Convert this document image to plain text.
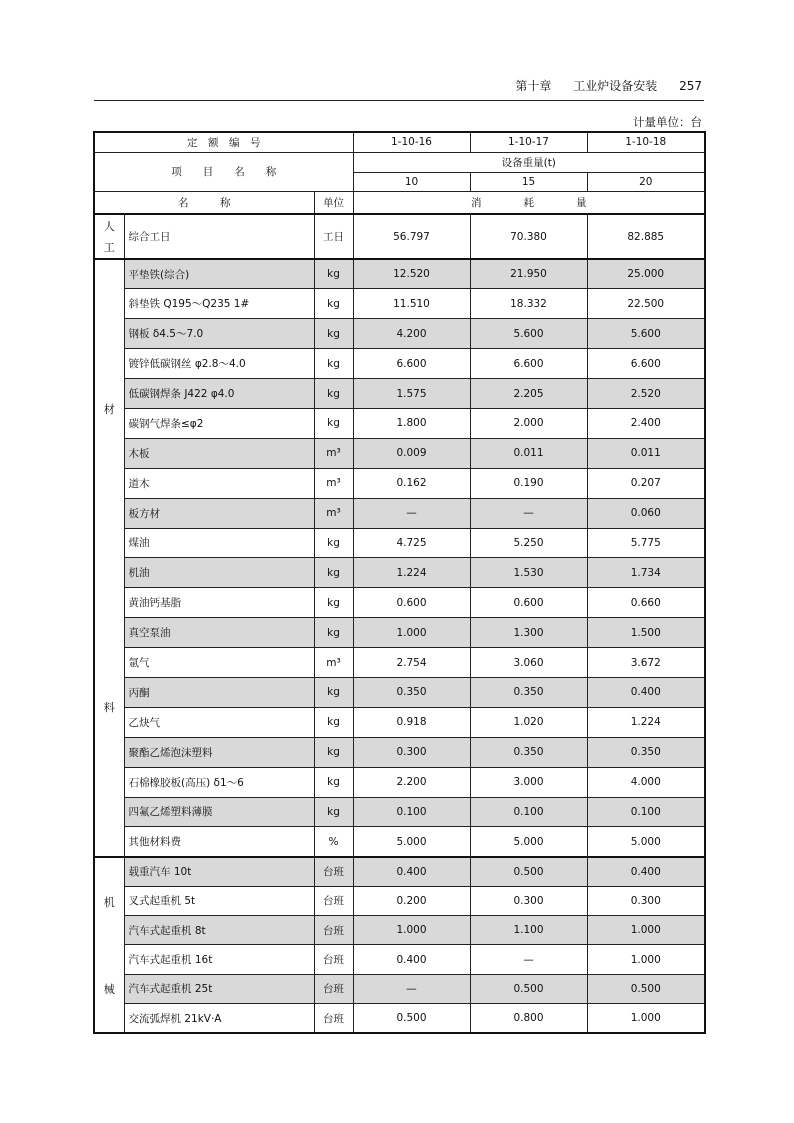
第十章 工业炉设备安装 257
计量单位：台
定　额　编　号			1-10-16	1-10-17	1-10-18
项　　目　　名　　称			设备重量(t)		
			10	15	20
名　　　称		单位	消　　　　耗　　　　量		

人
工	综合工日	工日	56.797	70.380	82.885

材
料	平垫铁(综合)	kg	12.520	21.950	25.000
	斜垫铁 Q195～Q235 1#	kg	11.510	18.332	22.500
	钢板 δ4.5～7.0	kg	4.200	5.600	5.600
	镀锌低碳钢丝 φ2.8～4.0	kg	6.600	6.600	6.600
	低碳钢焊条 J422 φ4.0	kg	1.575	2.205	2.520
	碳钢气焊条≤φ2	kg	1.800	2.000	2.400
	木板	m³	0.009	0.011	0.011
	道木	m³	0.162	0.190	0.207
	板方材	m³	—	—	0.060
	煤油	kg	4.725	5.250	5.775
	机油	kg	1.224	1.530	1.734
	黄油钙基脂	kg	0.600	0.600	0.660
	真空泵油	kg	1.000	1.300	1.500
	氩气	m³	2.754	3.060	3.672
	丙酮	kg	0.350	0.350	0.400
	乙炔气	kg	0.918	1.020	1.224
	聚酯乙烯泡沫塑料	kg	0.300	0.350	0.350
	石棉橡胶板(高压) δ1～6	kg	2.200	3.000	4.000
	四氟乙烯塑料薄膜	kg	0.100	0.100	0.100
	其他材料费	%	5.000	5.000	5.000

机
械	载重汽车 10t	台班	0.400	0.500	0.400
	叉式起重机 5t	台班	0.200	0.300	0.300
	汽车式起重机 8t	台班	1.000	1.100	1.000
	汽车式起重机 16t	台班	0.400	—	1.000
	汽车式起重机 25t	台班	—	0.500	0.500
	交流弧焊机 21kV·A	台班	0.500	0.800	1.000
